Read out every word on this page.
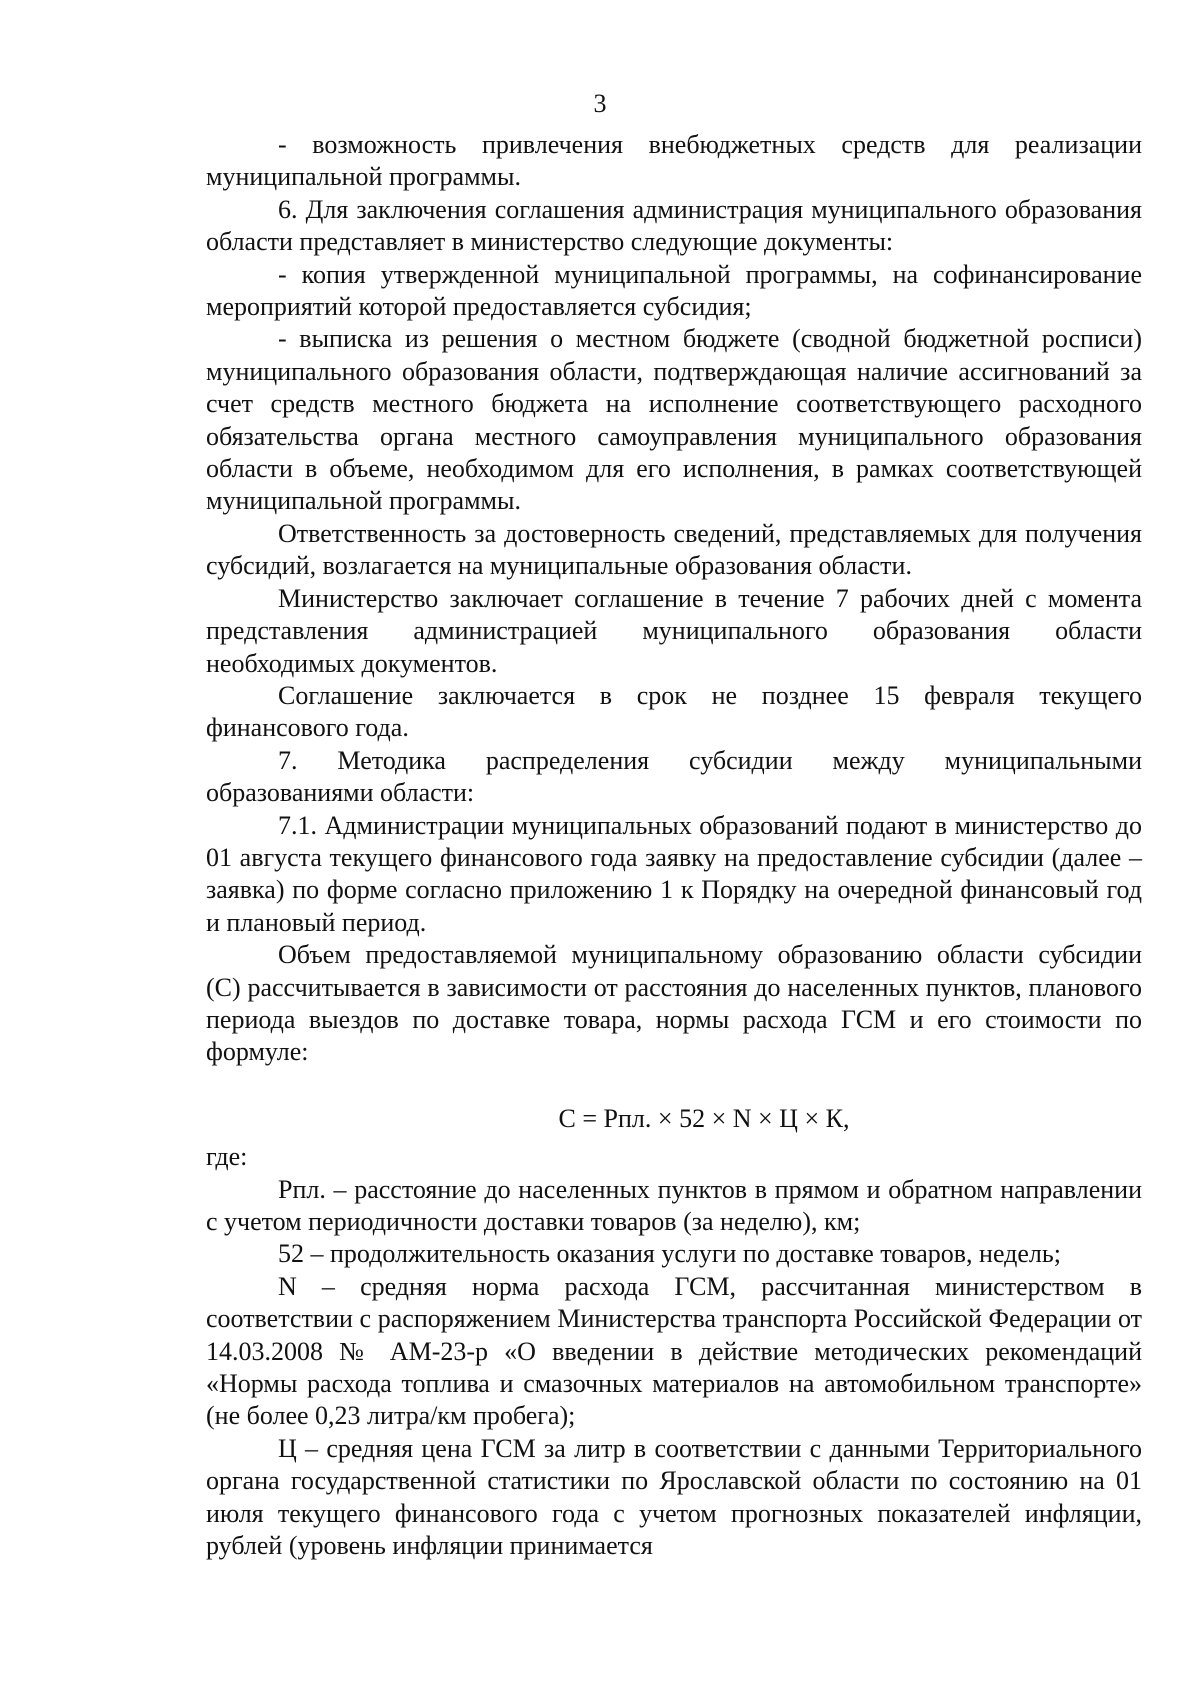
3

- возможность привлечения внебюджетных средств для реализации муниципальной программы.

6. Для заключения соглашения администрация муниципального образования области представляет в министерство следующие документы:

- копия утвержденной муниципальной программы, на софинансирование мероприятий которой предоставляется субсидия;

- выписка из решения о местном бюджете (сводной бюджетной росписи) муниципального образования области, подтверждающая наличие ассигнований за счет средств местного бюджета на исполнение соответствующего расходного обязательства органа местного самоуправления муниципального образования области в объеме, необходимом для его исполнения, в рамках соответствующей муниципальной программы.

Ответственность за достоверность сведений, представляемых для получения субсидий, возлагается на муниципальные образования области.

Министерство заключает соглашение в течение 7 рабочих дней с момента представления администрацией муниципального образования области необходимых документов.

Соглашение заключается в срок не позднее 15 февраля текущего финансового года.

7. Методика распределения субсидии между муниципальными образованиями области:

7.1. Администрации муниципальных образований подают в министерство до 01 августа текущего финансового года заявку на предоставление субсидии (далее – заявка) по форме согласно приложению 1 к Порядку на очередной финансовый год и плановый период.

Объем предоставляемой муниципальному образованию области субсидии (С) рассчитывается в зависимости от расстояния до населенных пунктов, планового периода выездов по доставке товара, нормы расхода ГСМ и его стоимости по формуле:

С = Рпл. × 52 × N × Ц × К,

где:

Рпл. – расстояние до населенных пунктов в прямом и обратном направлении с учетом периодичности доставки товаров (за неделю), км;

52 – продолжительность оказания услуги по доставке товаров, недель;

N – средняя норма расхода ГСМ, рассчитанная министерством в соответствии с распоряжением Министерства транспорта Российской Федерации от 14.03.2008 № АМ-23-р «О введении в действие методических рекомендаций «Нормы расхода топлива и смазочных материалов на автомобильном транспорте» (не более 0,23 литра/км пробега);

Ц – средняя цена ГСМ за литр в соответствии с данными Территориального органа государственной статистики по Ярославской области по состоянию на 01 июля текущего финансового года с учетом прогнозных показателей инфляции, рублей (уровень инфляции принимается
